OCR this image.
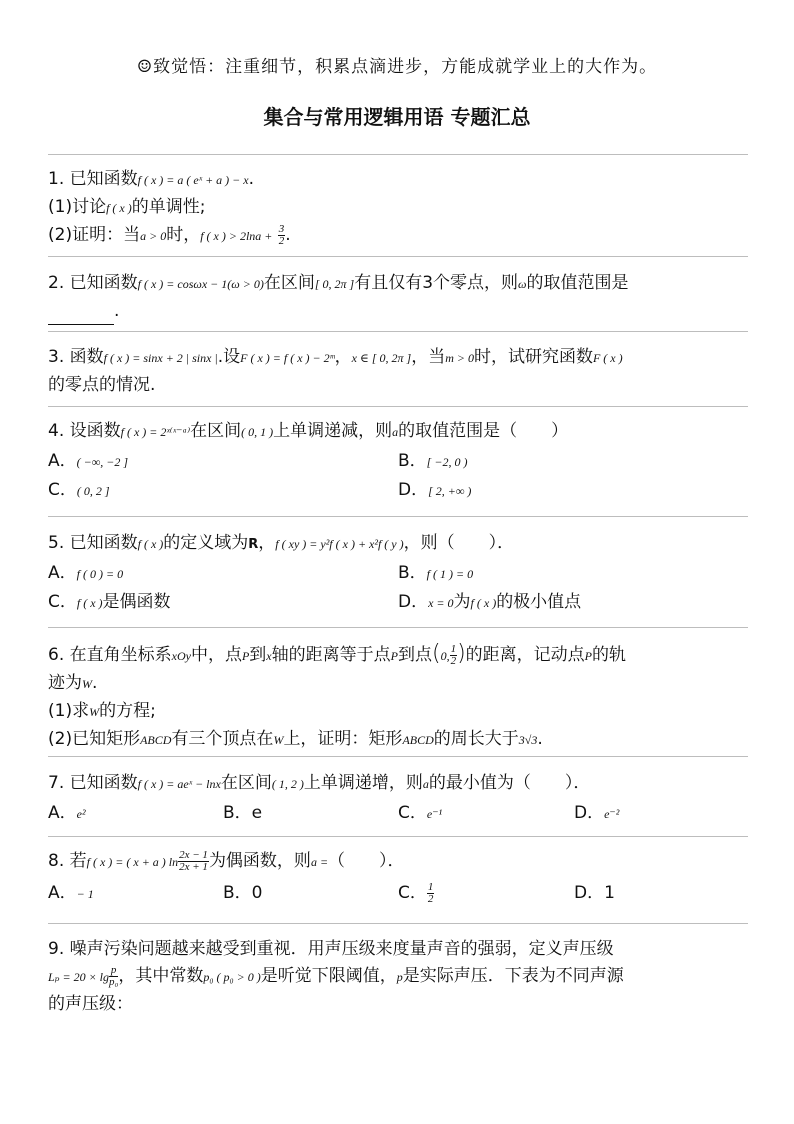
☺致觉悟：注重细节，积累点滴进步，方能成就学业上的大作为。
集合与常用逻辑用语 专题汇总
1. 已知函数f ( x ) = a ( eˣ + a ) − x.
(1)讨论f ( x )的单调性;
(2)证明：当a > 0时，f ( x ) > $2\ln a + \frac{3}{2}$ .
2. 已知函数f ( x ) = cosωx − 1(ω > 0)在区间[ 0, 2π ]有且仅有3个零点，则ω的取值范围是
.
3. 函数f ( x ) = sinx + 2 | sinx |.设F ( x ) = f ( x ) − 2ᵐ，x ∈ [ 0, 2π ]，当m > 0时，试研究函数F ( x )
的零点的情况.
4. 设函数f ( x ) = 2ˣ⁽ˣ⁻ᵃ⁾在区间( 0, 1 )上单调递减，则a的取值范围是（　　）
A．( −∞, −2 ]	B．[ −2, 0 )
C．( 0, 2 ]	D．[ 2, +∞ )
5. 已知函数f ( x )的定义域为R，f ( xy ) = y²f ( x ) + x²f ( y )，则（　　）．
A．f ( 0 ) = 0	B．f ( 1 ) = 0
C．f ( x )是偶函数	D．x = 0为f ( x )的极小值点
6. 在直角坐标系xOy中，点P到x轴的距离等于点P到点(0, $\frac{1}{2}$ )的距离，记动点P的轨
迹为W.
(1)求W的方程;
(2)已知矩形ABCD有三个顶点在W上，证明：矩形ABCD的周长大于3√3.
7. 已知函数f ( x ) = aeˣ − lnx在区间( 1, 2 )上单调递增，则a的最小值为（　　）．
A．e²	B．e	C．e⁻¹	D．e⁻²
8. 若f ( x ) = ( x + a ) $\ln \frac{2x - 1}{2x + 1}$ 为偶函数，则a =（　　）．
A．− 1	B．0	C． $\frac{1}{2}$	D．1
9. 噪声污染问题越来越受到重视．用声压级来度量声音的强弱，定义声压级
$L_p = 20 \times \lg \frac{p}{\text{p₀}}$ ，其中常数p₀ ( p₀ > 0 )是听觉下限阈值，p是实际声压．下表为不同声源
的声压级：
